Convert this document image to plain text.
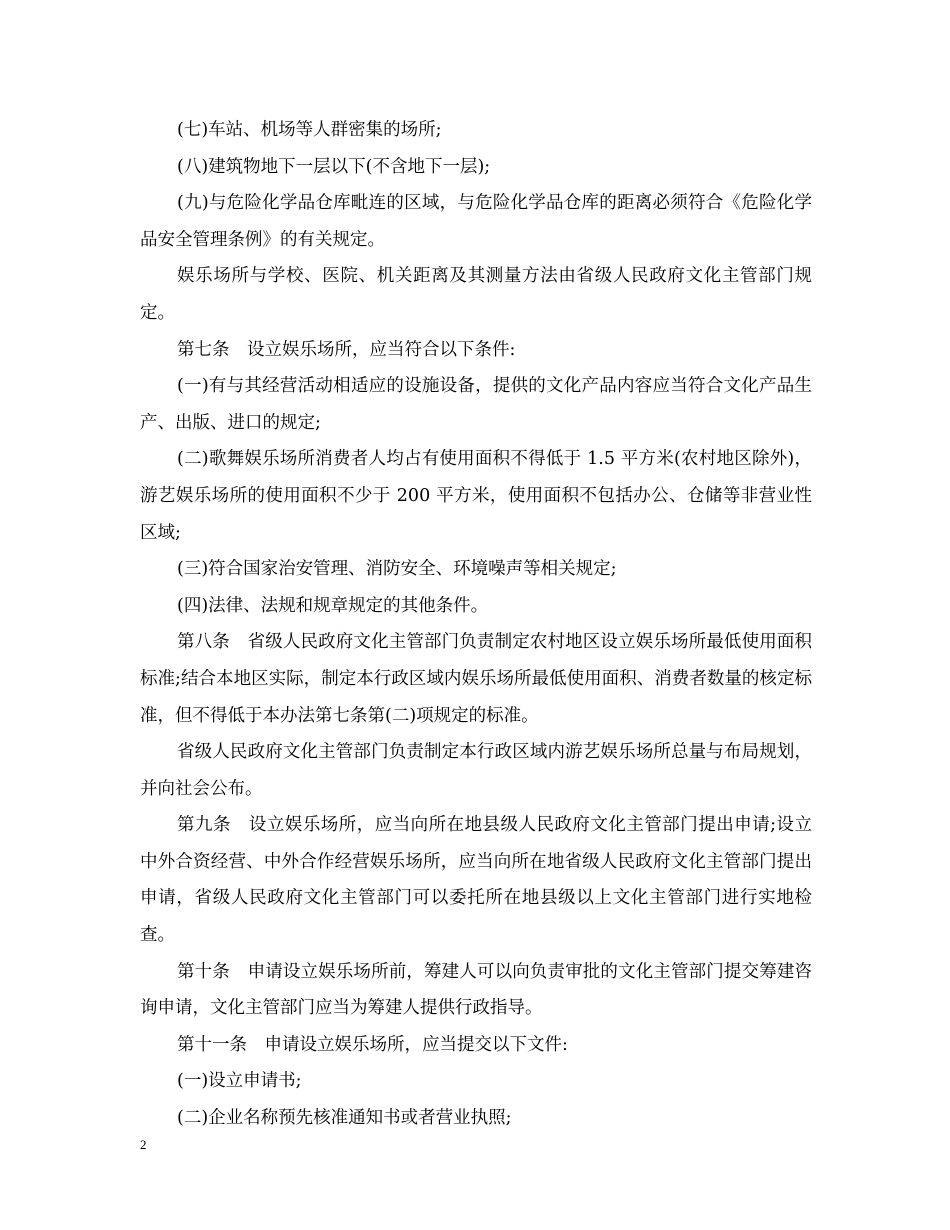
(七)车站、机场等人群密集的场所;

(八)建筑物地下一层以下(不含地下一层);

(九)与危险化学品仓库毗连的区域，与危险化学品仓库的距离必须符合《危险化学品安全管理条例》的有关规定。

娱乐场所与学校、医院、机关距离及其测量方法由省级人民政府文化主管部门规定。

第七条　设立娱乐场所，应当符合以下条件:

(一)有与其经营活动相适应的设施设备，提供的文化产品内容应当符合文化产品生产、出版、进口的规定;

(二)歌舞娱乐场所消费者人均占有使用面积不得低于 1.5 平方米(农村地区除外)，游艺娱乐场所的使用面积不少于 200 平方米，使用面积不包括办公、仓储等非营业性区域;

(三)符合国家治安管理、消防安全、环境噪声等相关规定;

(四)法律、法规和规章规定的其他条件。

第八条　省级人民政府文化主管部门负责制定农村地区设立娱乐场所最低使用面积标准;结合本地区实际，制定本行政区域内娱乐场所最低使用面积、消费者数量的核定标准，但不得低于本办法第七条第(二)项规定的标准。

省级人民政府文化主管部门负责制定本行政区域内游艺娱乐场所总量与布局规划，并向社会公布。

第九条　设立娱乐场所，应当向所在地县级人民政府文化主管部门提出申请;设立中外合资经营、中外合作经营娱乐场所，应当向所在地省级人民政府文化主管部门提出申请，省级人民政府文化主管部门可以委托所在地县级以上文化主管部门进行实地检查。

第十条　申请设立娱乐场所前，筹建人可以向负责审批的文化主管部门提交筹建咨询申请，文化主管部门应当为筹建人提供行政指导。

第十一条　申请设立娱乐场所，应当提交以下文件:

(一)设立申请书;

(二)企业名称预先核准通知书或者营业执照;

2
